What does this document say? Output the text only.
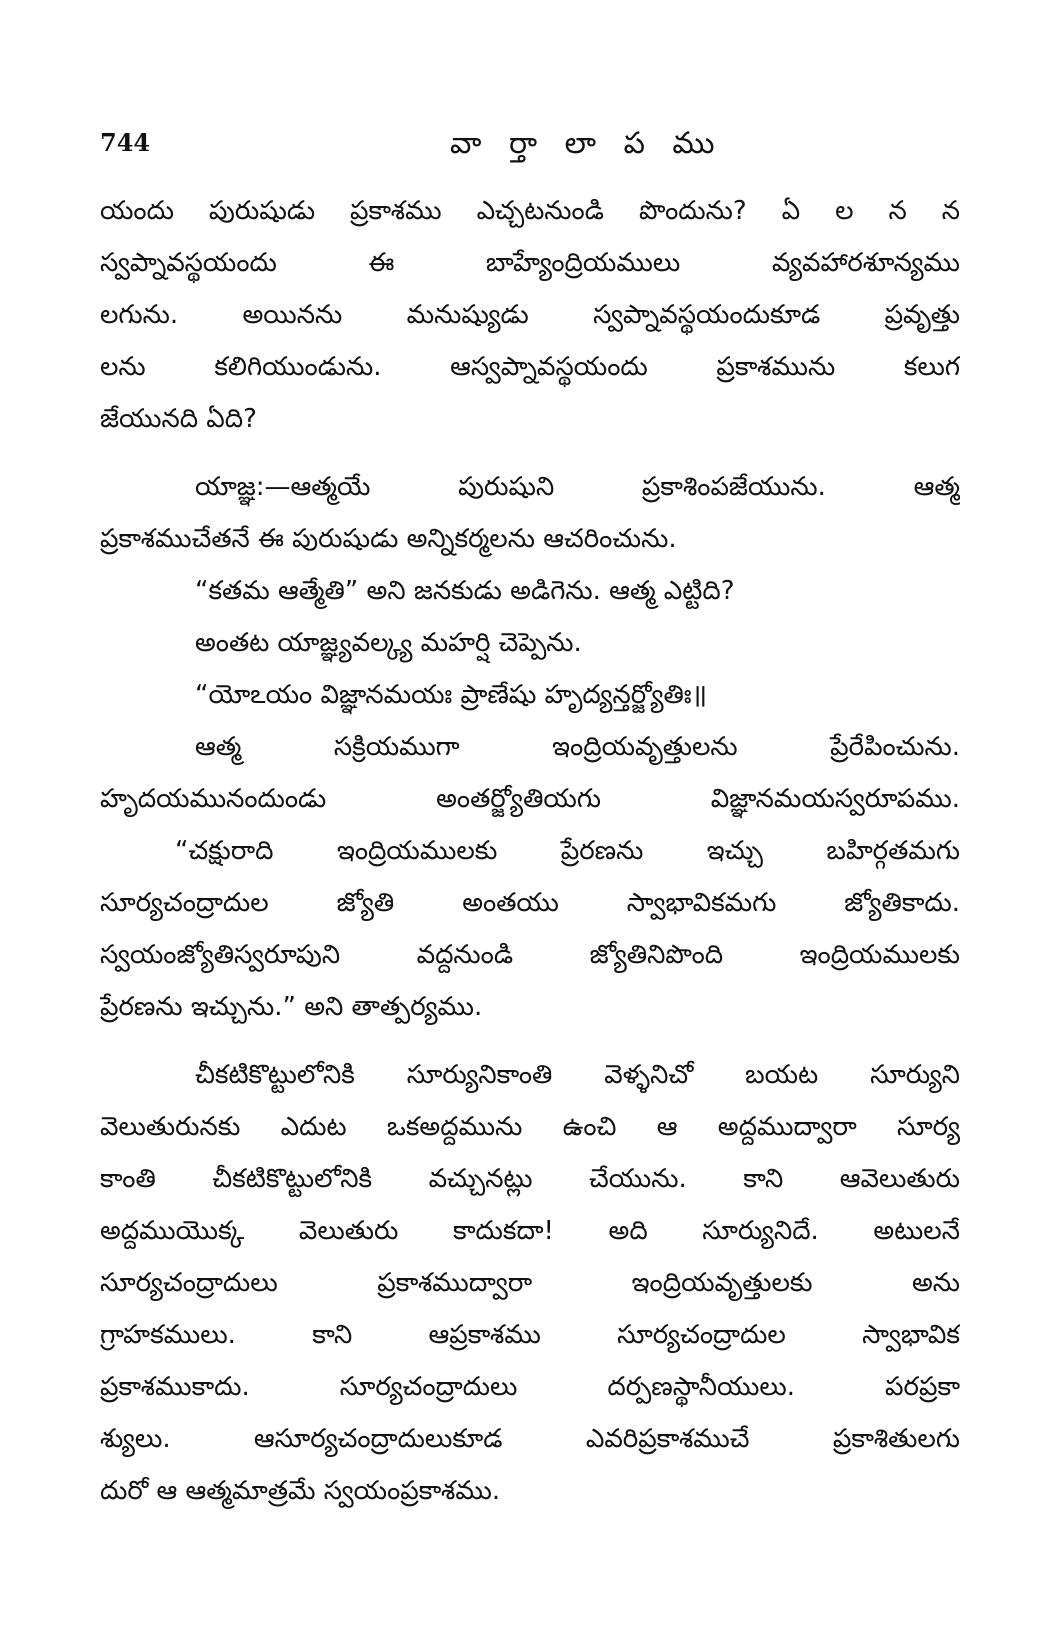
744	వా ర్తా లా ప ము

యందు పురుషుడు ప్రకాశము ఎచ్చటనుండి పొందును? ఏ ల న న

స్వప్నావస్థయందు ఈ బాహ్యేంద్రియములు వ్యవహారశూన్యము

లగును. అయినను మనుష్యుడు స్వప్నావస్థయందుకూడ ప్రవృత్తు

లను కలిగియుండును. ఆస్వప్నావస్థయందు ప్రకాశమును కలుగ

జేయునది ఏది?

యాజ్ఞ:—ఆత్మయే పురుషుని ప్రకాశింపజేయును. ఆత్మ

ప్రకాశముచేతనే ఈ పురుషుడు అన్నికర్మలను ఆచరించును.

“కతమ ఆత్మేతి” అని జనకుడు అడిగెను. ఆత్మ ఎట్టిది?

అంతట యాజ్ఞ్యవల్క్య మహర్షి చెప్పెను.

“యోఽయం విజ్ఞానమయః ప్రాణేషు హృద్యన్తర్జ్యోతిః॥

ఆత్మ సక్రియముగా ఇంద్రియవృత్తులను ప్రేరేపించును.

హృదయమునందుండు అంతర్జ్యోతియగు విజ్ఞానమయస్వరూపము.

“చక్షురాది ఇంద్రియములకు ప్రేరణను ఇచ్చు బహిర్గతమగు

సూర్యచంద్రాదుల జ్యోతి అంతయు స్వాభావికమగు జ్యోతికాదు.

స్వయంజ్యోతిస్వరూపుని వద్దనుండి జ్యోతినిపొంది ఇంద్రియములకు

ప్రేరణను ఇచ్చును.” అని తాత్పర్యము.

చీకటికొట్టులోనికి సూర్యునికాంతి వెళ్ళనిచో బయట సూర్యుని

వెలుతురునకు ఎదుట ఒకఅద్దమును ఉంచి ఆ అద్దముద్వారా సూర్య

కాంతి చీకటికొట్టులోనికి వచ్చునట్లు చేయును. కాని ఆవెలుతురు

అద్దముయొక్క వెలుతురు కాదుకదా! అది సూర్యునిదే. అటులనే

సూర్యచంద్రాదులు ప్రకాశముద్వారా ఇంద్రియవృత్తులకు అను

గ్రాహకములు. కాని ఆప్రకాశము సూర్యచంద్రాదుల స్వాభావిక

ప్రకాశముకాదు. సూర్యచంద్రాదులు దర్పణస్థానీయులు. పరప్రకా

శ్యులు. ఆసూర్యచంద్రాదులుకూడ ఎవరిప్రకాశముచే ప్రకాశితులగు

దురో ఆ ఆత్మమాత్రమే స్వయంప్రకాశము.
